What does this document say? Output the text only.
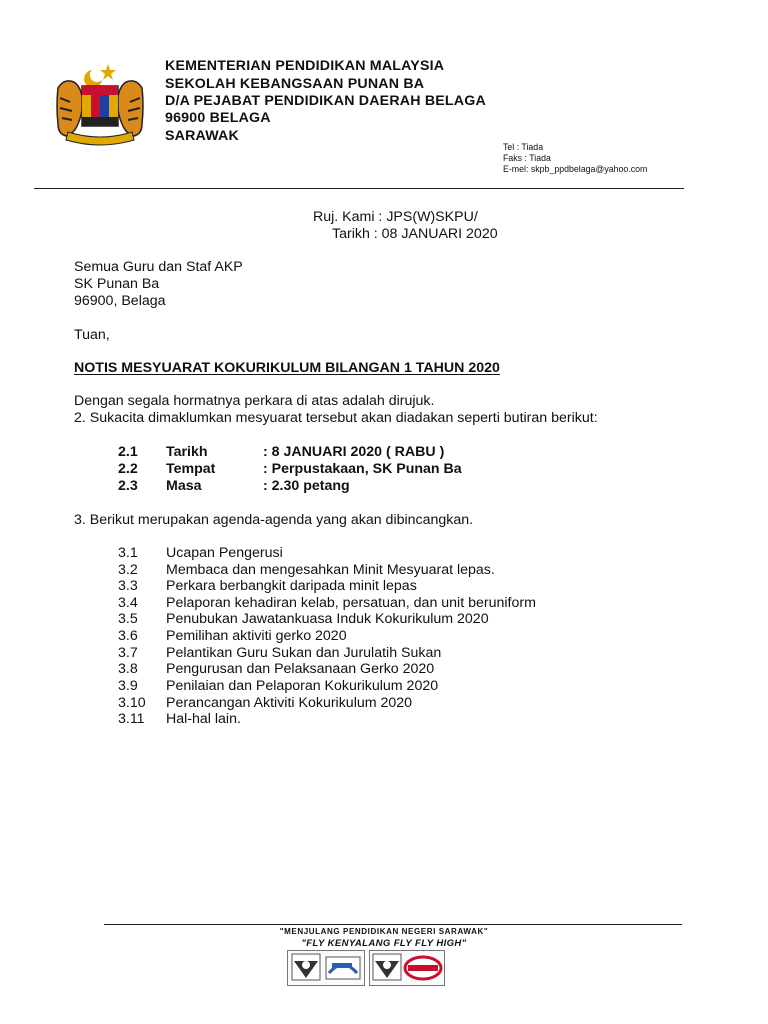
KEMENTERIAN PENDIDIKAN MALAYSIA
SEKOLAH KEBANGSAAN PUNAN BA
D/A PEJABAT PENDIDIKAN DAERAH BELAGA
96900 BELAGA
SARAWAK
Tel : Tiada
Faks : Tiada
E-mel: skpb_ppdbelaga@yahoo.com
Ruj. Kami : JPS(W)SKPU/
Tarikh : 08 JANUARI 2020
Semua Guru dan Staf AKP
SK Punan Ba
96900, Belaga
Tuan,
NOTIS MESYUARAT KOKURIKULUM BILANGAN 1 TAHUN 2020
Dengan segala hormatnya perkara di atas adalah dirujuk.
2. Sukacita dimaklumkan mesyuarat tersebut akan diadakan seperti butiran berikut:
2.1 Tarikh	: 8 JANUARI 2020 ( RABU )
2.2 Tempat	: Perpustakaan, SK Punan Ba
2.3 Masa	: 2.30 petang
3. Berikut merupakan agenda-agenda yang akan dibincangkan.
3.1 Ucapan Pengerusi
3.2 Membaca dan mengesahkan Minit Mesyuarat lepas.
3.3 Perkara berbangkit daripada minit lepas
3.4 Pelaporan kehadiran kelab, persatuan, dan unit beruniform
3.5 Penubukan Jawatankuasa Induk Kokurikulum 2020
3.6 Pemilihan aktiviti gerko 2020
3.7 Pelantikan Guru Sukan dan Jurulatih Sukan
3.8 Pengurusan dan Pelaksanaan Gerko 2020
3.9 Penilaian dan Pelaporan Kokurikulum 2020
3.10 Perancangan Aktiviti Kokurikulum 2020
3.11 Hal-hal lain.
"MENJULANG PENDIDIKAN NEGERI SARAWAK"
"FLY KENYALANG FLY FLY HIGH"
